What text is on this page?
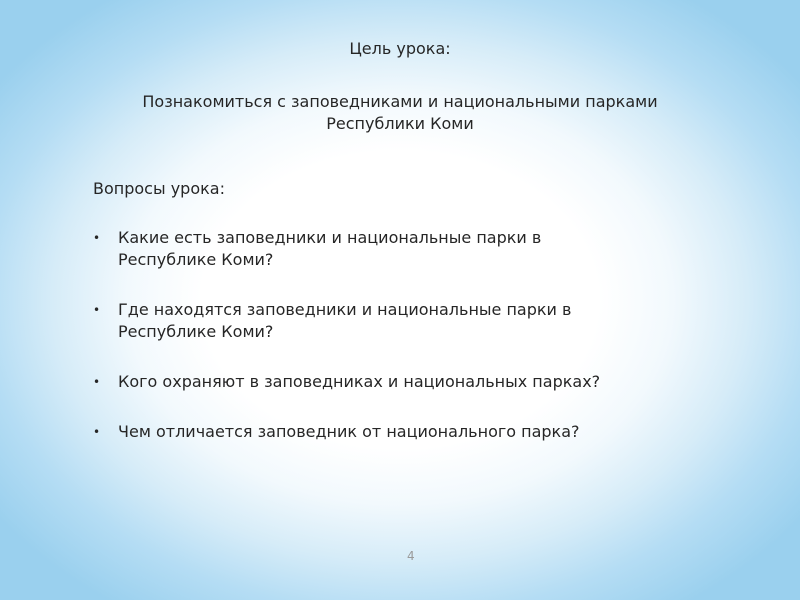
Цель урока:
Познакомиться с заповедниками и национальными парками
Республики Коми
Вопросы урока:
• Какие есть заповедники и национальные парки в
Республике Коми?
• Где находятся заповедники и национальные парки в
Республике Коми?
• Кого охраняют в заповедниках и национальных парках?
• Чем отличается заповедник от национального парка?
4
